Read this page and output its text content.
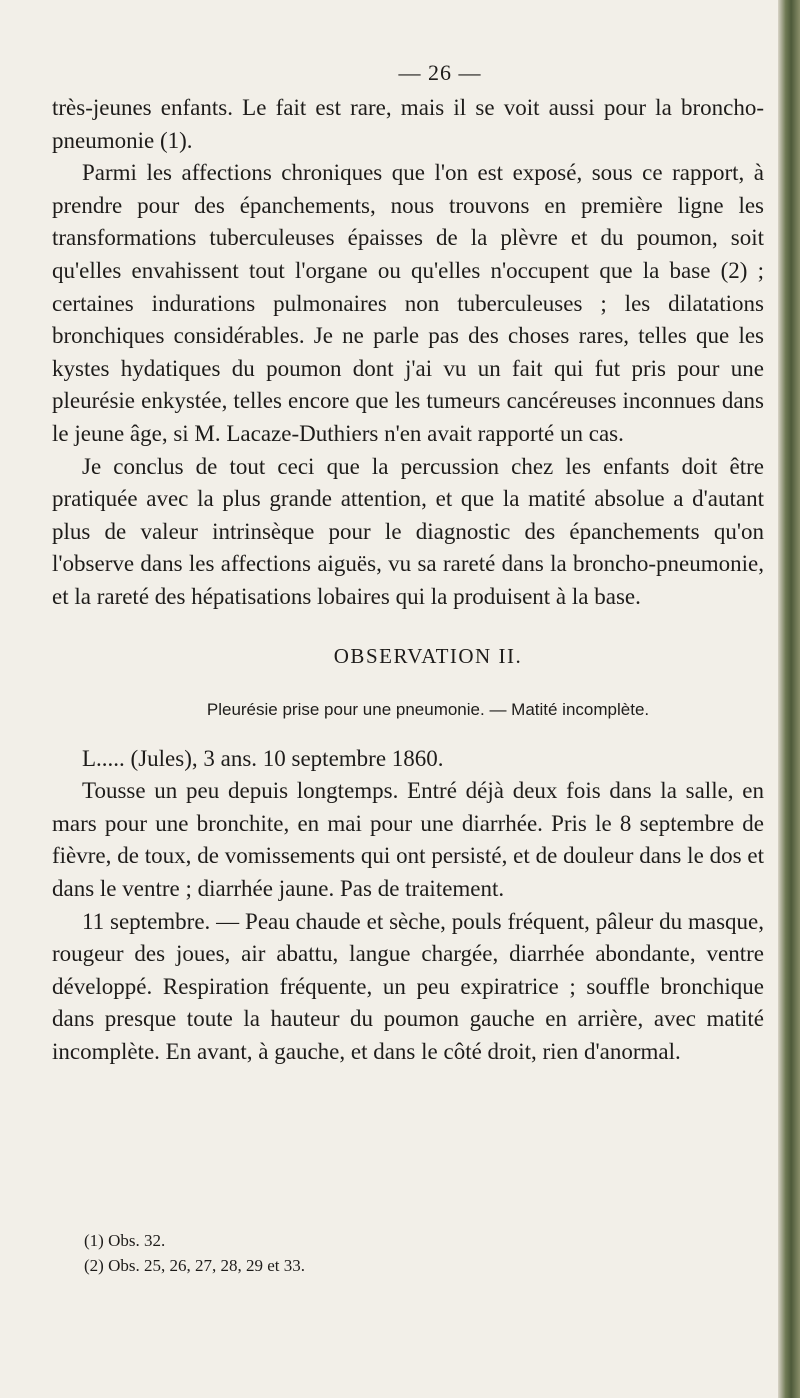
— 26 —

très-jeunes enfants. Le fait est rare, mais il se voit aussi pour la broncho-pneumonie (1).

Parmi les affections chroniques que l'on est exposé, sous ce rapport, à prendre pour des épanchements, nous trouvons en première ligne les transformations tuberculeuses épaisses de la plèvre et du poumon, soit qu'elles envahissent tout l'organe ou qu'elles n'occupent que la base (2) ; certaines indurations pulmonaires non tuberculeuses ; les dilatations bronchiques considérables. Je ne parle pas des choses rares, telles que les kystes hydatiques du poumon dont j'ai vu un fait qui fut pris pour une pleurésie enkystée, telles encore que les tumeurs cancéreuses inconnues dans le jeune âge, si M. Lacaze-Duthiers n'en avait rapporté un cas.

Je conclus de tout ceci que la percussion chez les enfants doit être pratiquée avec la plus grande attention, et que la matité absolue a d'autant plus de valeur intrinsèque pour le diagnostic des épanchements qu'on l'observe dans les affections aiguës, vu sa rareté dans la broncho-pneumonie, et la rareté des hépatisations lobaires qui la produisent à la base.

OBSERVATION II.
Pleurésie prise pour une pneumonie. — Matité incomplète.

L..... (Jules), 3 ans. 10 septembre 1860.

Tousse un peu depuis longtemps. Entré déjà deux fois dans la salle, en mars pour une bronchite, en mai pour une diarrhée. Pris le 8 septembre de fièvre, de toux, de vomissements qui ont persisté, et de douleur dans le dos et dans le ventre ; diarrhée jaune. Pas de traitement.

11 septembre. — Peau chaude et sèche, pouls fréquent, pâleur du masque, rougeur des joues, air abattu, langue chargée, diarrhée abondante, ventre développé. Respiration fréquente, un peu expiratrice ; souffle bronchique dans presque toute la hauteur du poumon gauche en arrière, avec matité incomplète. En avant, à gauche, et dans le côté droit, rien d'anormal.

(1) Obs. 32.
(2) Obs. 25, 26, 27, 28, 29 et 33.
